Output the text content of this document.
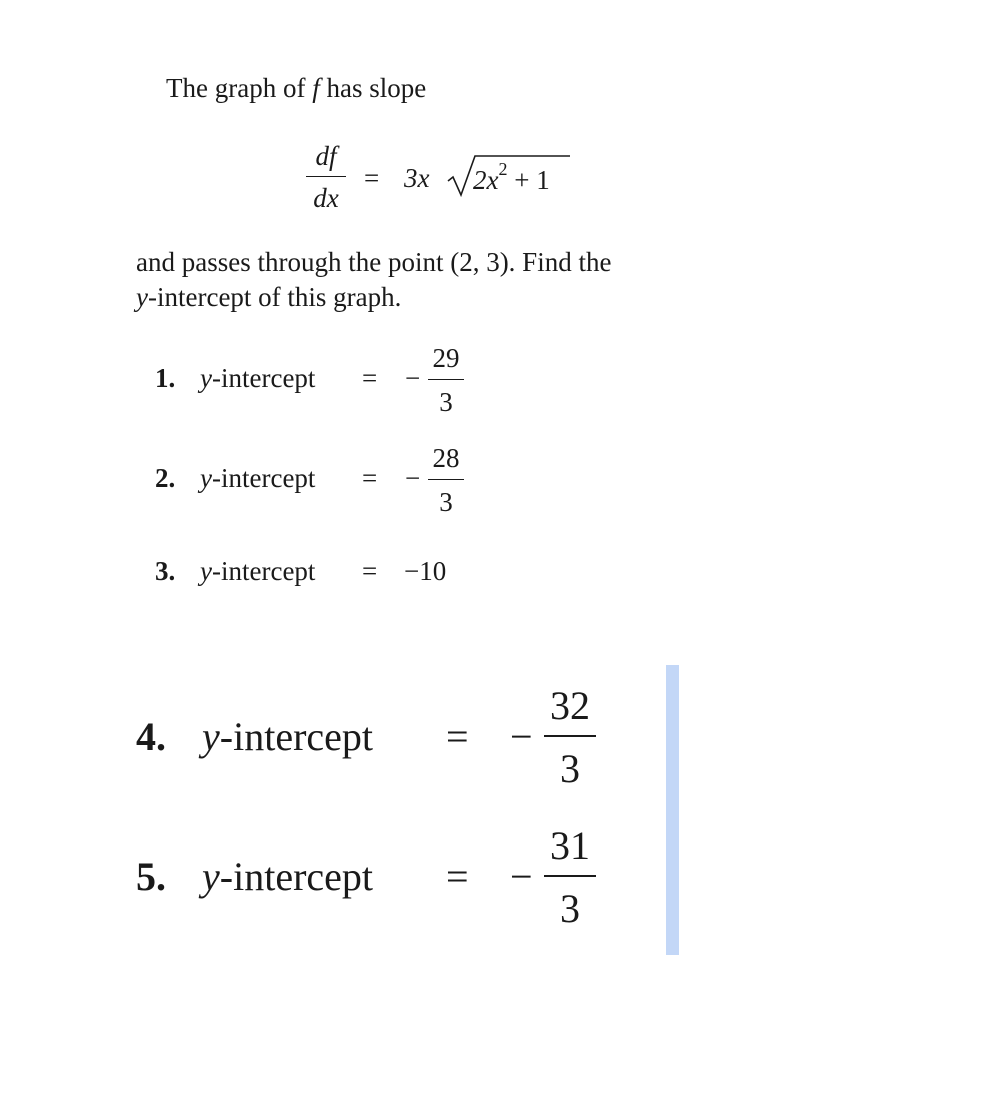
The graph of f has slope
df
dx
= 3x $2x^2 + 1$
and passes through the point (2, 3). Find the
y-intercept of this graph.
1. y-intercept = −
29
3
2. y-intercept = −
28
3
3. y-intercept = −10
4. y-intercept = −
32
3
5. y-intercept = −
31
3
